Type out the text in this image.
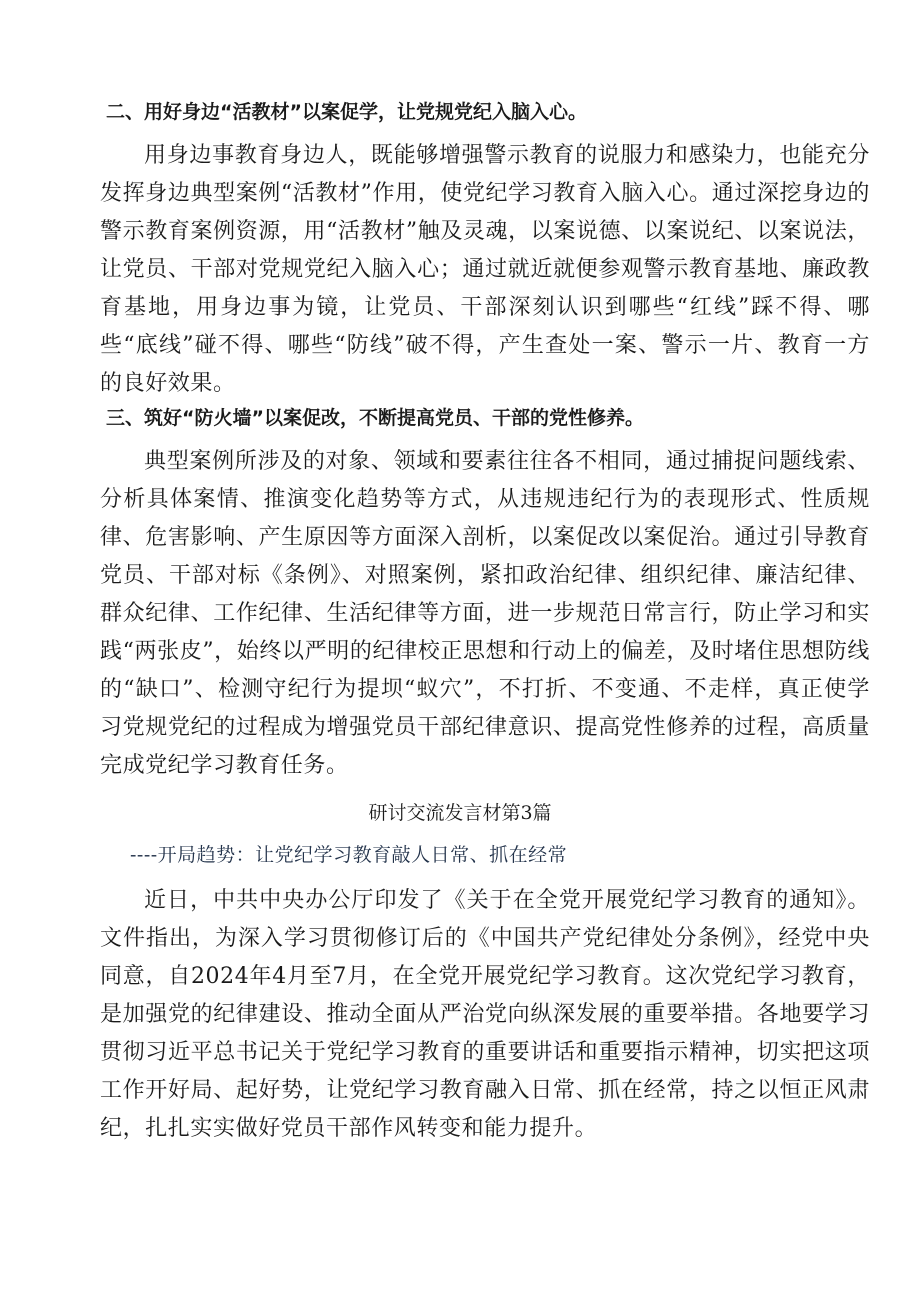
二、用好身边“活教材”以案促学，让党规党纪入脑入心。

用身边事教育身边人，既能够增强警示教育的说服力和感染力，也能充分发挥身边典型案例“活教材”作用，使党纪学习教育入脑入心。通过深挖身边的警示教育案例资源，用“活教材”触及灵魂，以案说德、以案说纪、以案说法，让党员、干部对党规党纪入脑入心；通过就近就便参观警示教育基地、廉政教育基地，用身边事为镜，让党员、干部深刻认识到哪些“红线”踩不得、哪些“底线”碰不得、哪些“防线”破不得，产生查处一案、警示一片、教育一方的良好效果。

三、筑好“防火墙”以案促改，不断提高党员、干部的党性修养。

典型案例所涉及的对象、领域和要素往往各不相同，通过捕捉问题线索、分析具体案情、推演变化趋势等方式，从违规违纪行为的表现形式、性质规律、危害影响、产生原因等方面深入剖析，以案促改以案促治。通过引导教育党员、干部对标《条例》、对照案例，紧扣政治纪律、组织纪律、廉洁纪律、群众纪律、工作纪律、生活纪律等方面，进一步规范日常言行，防止学习和实践“两张皮”，始终以严明的纪律校正思想和行动上的偏差，及时堵住思想防线的“缺口”、检测守纪行为提坝“蚁穴”，不打折、不变通、不走样，真正使学习党规党纪的过程成为增强党员干部纪律意识、提高党性修养的过程，高质量完成党纪学习教育任务。

研讨交流发言材第3篇
----开局趋势：让党纪学习教育敲人日常、抓在经常

近日，中共中央办公厅印发了《关于在全党开展党纪学习教育的通知》。文件指出，为深入学习贯彻修订后的《中国共产党纪律处分条例》，经党中央同意，自2024年4月至7月，在全党开展党纪学习教育。这次党纪学习教育，是加强党的纪律建设、推动全面从严治党向纵深发展的重要举措。各地要学习贯彻习近平总书记关于党纪学习教育的重要讲话和重要指示精神，切实把这项工作开好局、起好势，让党纪学习教育融入日常、抓在经常，持之以恒正风肃纪，扎扎实实做好党员干部作风转变和能力提升。
